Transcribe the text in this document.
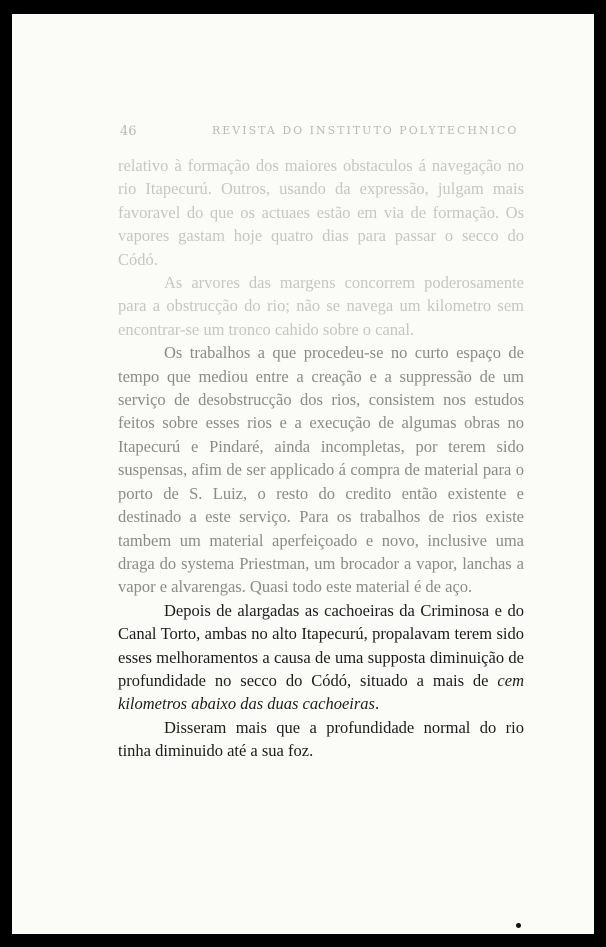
46	REVISTA DO INSTITUTO POLYTECHNICO

relativo à formação dos maiores obstaculos á navegação no rio Itapecurú. Outros, usando da expressão, julgam mais favoravel do que os actuaes estão em via de formação. Os vapores gastam hoje quatro dias para passar o secco do Códó.

As arvores das margens concorrem poderosamente para a obstrucção do rio; não se navega um kilometro sem encontrar-se um tronco cahido sobre o canal.

Os trabalhos a que procedeu-se no curto espaço de tempo que mediou entre a creação e a suppressão de um serviço de desobstrucção dos rios, consistem nos estudos feitos sobre esses rios e a execução de algumas obras no Itapecurú e Pindaré, ainda incompletas, por terem sido suspensas, afim de ser applicado á compra de material para o porto de S. Luiz, o resto do credito então existente e destinado a este serviço. Para os trabalhos de rios existe tambem um material aperfeiçoado e novo, inclusive uma draga do systema Priestman, um brocador a vapor, lanchas a vapor e alvarengas. Quasi todo este material é de aço.

Depois de alargadas as cachoeiras da Criminosa e do Canal Torto, ambas no alto Itapecurú, propalavam terem sido esses melhoramentos a causa de uma supposta diminuição de profundidade no secco do Códó, situado a mais de cem kilometros abaixo das duas cachoeiras.

Disseram mais que a profundidade normal do rio tinha diminuido até a sua foz.
